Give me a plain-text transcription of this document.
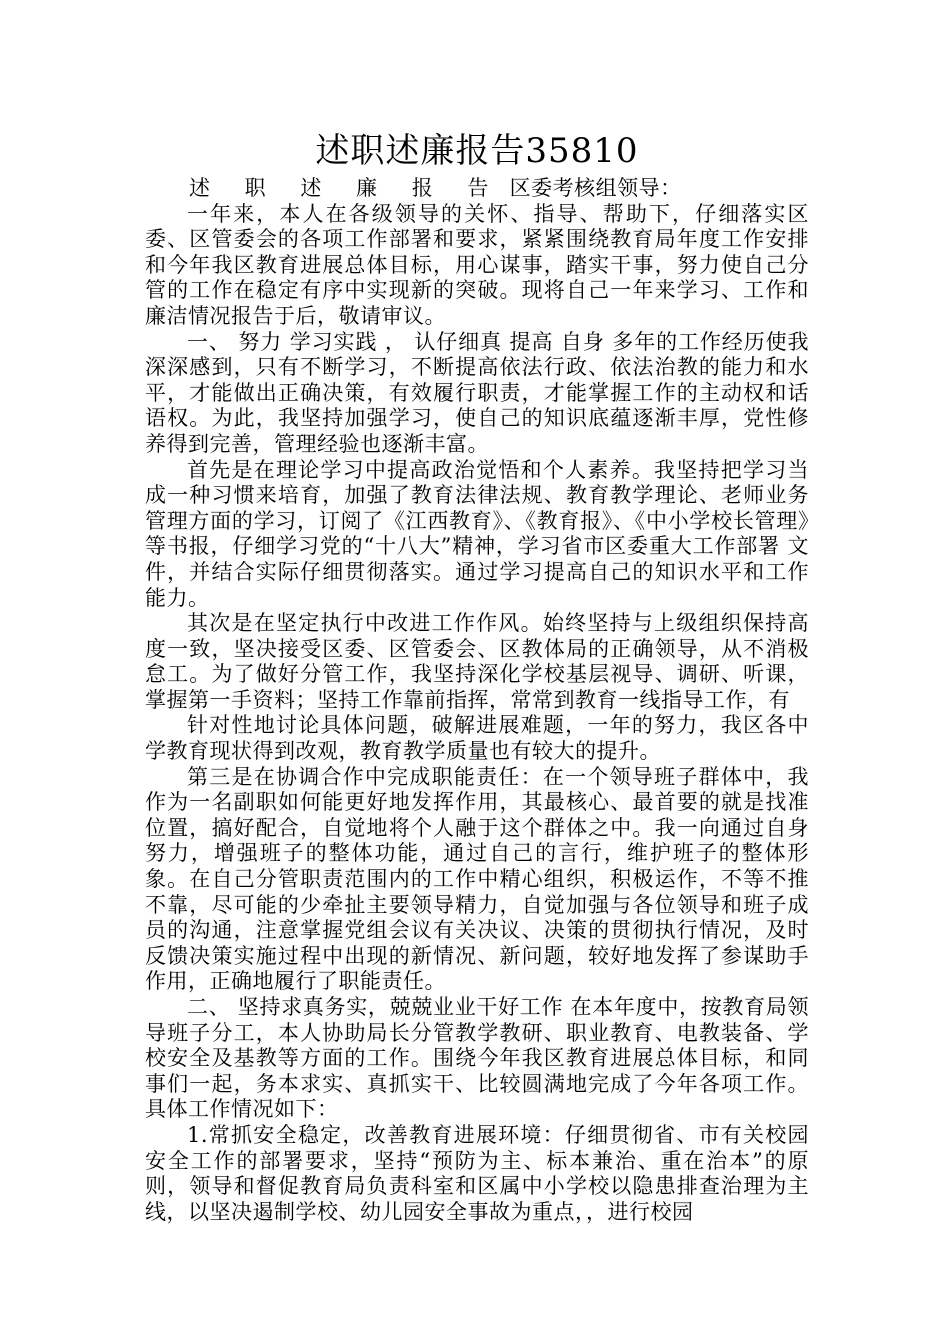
述职述廉报告35810

述 职 述 廉 报 告 区委考核组领导：

一年来，本人在各级领导的关怀、指导、帮助下，仔细落实区委、区管委会的各项工作部署和要求，紧紧围绕教育局年度工作安排和今年我区教育进展总体目标，用心谋事，踏实干事，努力使自己分管的工作在稳定有序中实现新的突破。现将自己一年来学习、工作和廉洁情况报告于后，敬请审议。

一、 努力 学习实践 ， 认仔细真 提高 自身 多年的工作经历使我深深感到，只有不断学习，不断提高依法行政、依法治教的能力和水平，才能做出正确决策，有效履行职责，才能掌握工作的主动权和话语权。为此，我坚持加强学习，使自己的知识底蕴逐渐丰厚，党性修养得到完善，管理经验也逐渐丰富。

首先是在理论学习中提高政治觉悟和个人素养。我坚持把学习当成一种习惯来培育，加强了教育法律法规、教育教学理论、老师业务管理方面的学习，订阅了《江西教育》、《教育报》、《中小学校长管理》等书报，仔细学习党的“十八大”精神，学习省市区委重大工作部署 文件，并结合实际仔细贯彻落实。通过学习提高自己的知识水平和工作能力。

其次是在坚定执行中改进工作作风。始终坚持与上级组织保持高度一致，坚决接受区委、区管委会、区教体局的正确领导，从不消极怠工。为了做好分管工作，我坚持深化学校基层视导、调研、听课，掌握第一手资料；坚持工作靠前指挥，常常到教育一线指导工作，有

针对性地讨论具体问题，破解进展难题，一年的努力，我区各中学教育现状得到改观，教育教学质量也有较大的提升。

第三是在协调合作中完成职能责任：在一个领导班子群体中，我作为一名副职如何能更好地发挥作用，其最核心、最首要的就是找准位置，搞好配合，自觉地将个人融于这个群体之中。我一向通过自身努力，增强班子的整体功能，通过自己的言行，维护班子的整体形象。在自己分管职责范围内的工作中精心组织，积极运作，不等不推不靠，尽可能的少牵扯主要领导精力，自觉加强与各位领导和班子成员的沟通，注意掌握党组会议有关决议、决策的贯彻执行情况，及时反馈决策实施过程中出现的新情况、新问题，较好地发挥了参谋助手作用，正确地履行了职能责任。

二、 坚持求真务实，兢兢业业干好工作 在本年度中，按教育局领导班子分工，本人协助局长分管教学教研、职业教育、电教装备、学校安全及基教等方面的工作。围绕今年我区教育进展总体目标，和同事们一起，务本求实、真抓实干、比较圆满地完成了今年各项工作。具体工作情况如下：

1.常抓安全稳定，改善教育进展环境：仔细贯彻省、市有关校园安全工作的部署要求，坚持“预防为主、标本兼治、重在治本”的原则，领导和督促教育局负责科室和区属中小学校以隐患排查治理为主线，以坚决遏制学校、幼儿园安全事故为重点，，进行校园
